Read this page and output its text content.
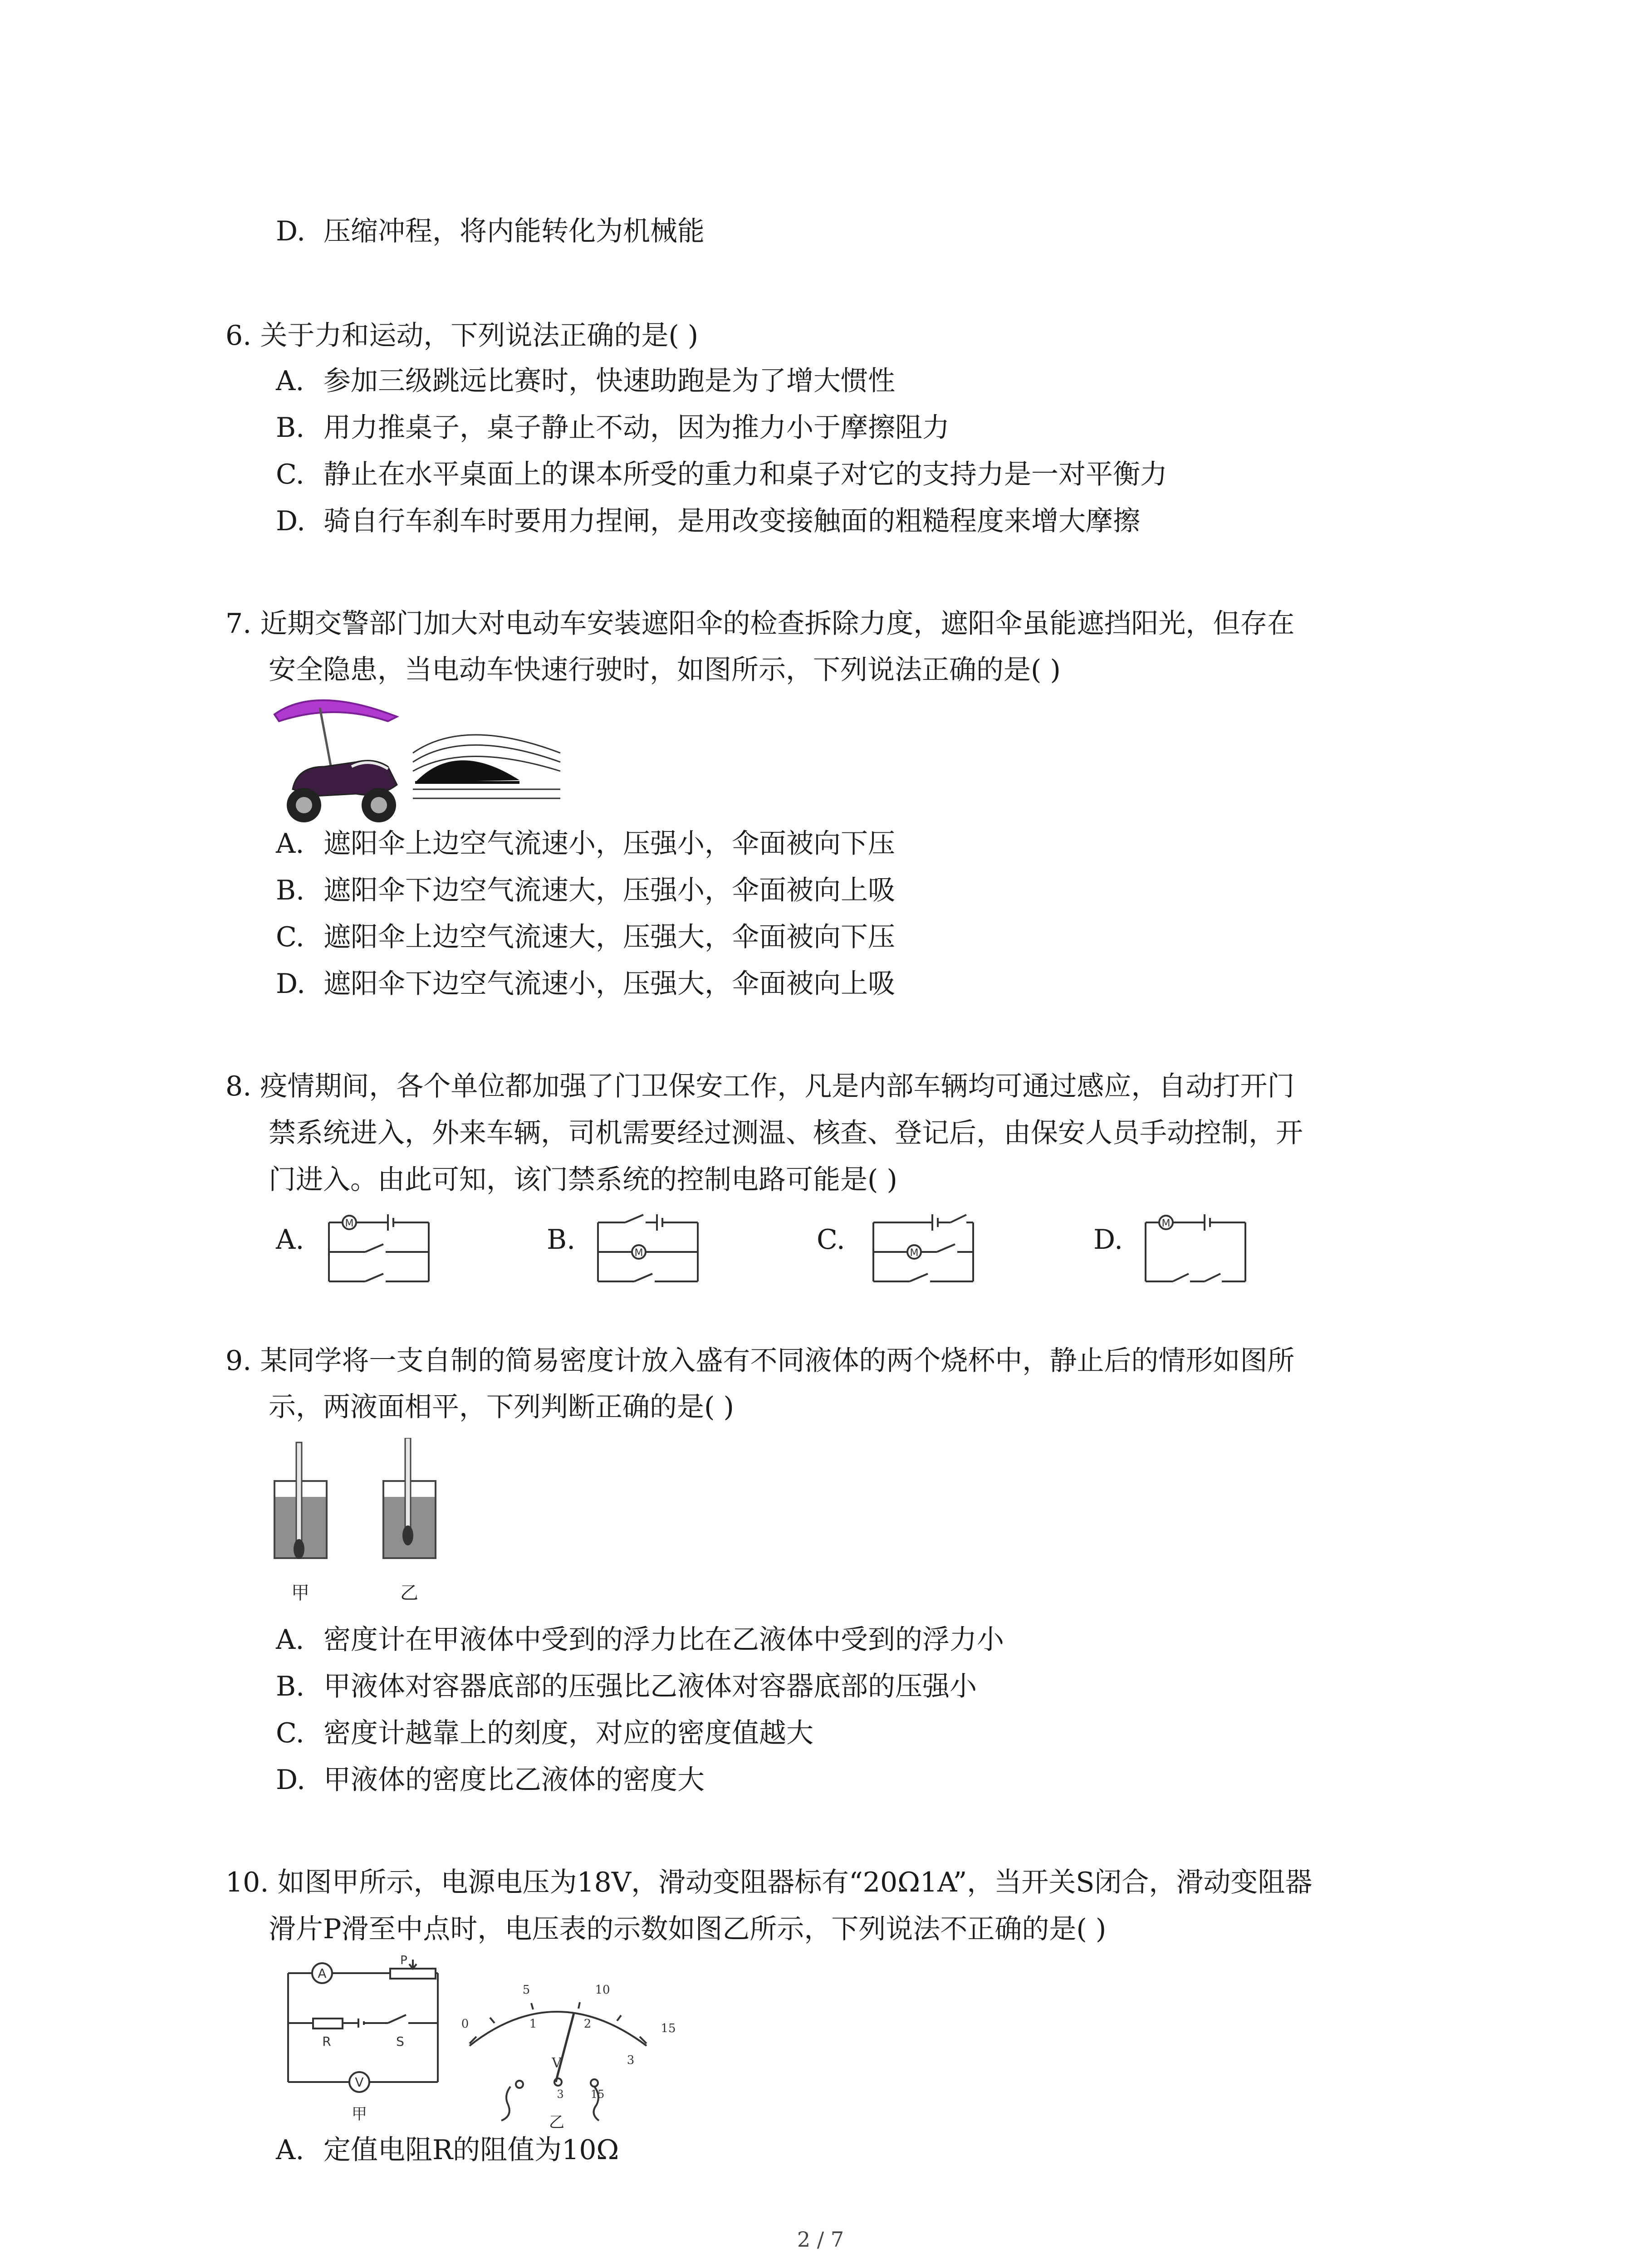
D. 压缩冲程，将内能转化为机械能
6. 关于力和运动，下列说法正确的是( )
A. 参加三级跳远比赛时，快速助跑是为了增大惯性
B. 用力推桌子，桌子静止不动，因为推力小于摩擦阻力
C. 静止在水平桌面上的课本所受的重力和桌子对它的支持力是一对平衡力
D. 骑自行车刹车时要用力捏闸，是用改变接触面的粗糙程度来增大摩擦
7. 近期交警部门加大对电动车安装遮阳伞的检查拆除力度，遮阳伞虽能遮挡阳光，但存在
安全隐患，当电动车快速行驶时，如图所示，下列说法正确的是( )
A. 遮阳伞上边空气流速小，压强小，伞面被向下压
B. 遮阳伞下边空气流速大，压强小，伞面被向上吸
C. 遮阳伞上边空气流速大，压强大，伞面被向下压
D. 遮阳伞下边空气流速小，压强大，伞面被向上吸
8. 疫情期间，各个单位都加强了门卫保安工作，凡是内部车辆均可通过感应，自动打开门
禁系统进入，外来车辆，司机需要经过测温、核查、登记后，由保安人员手动控制，开
门进入。由此可知，该门禁系统的控制电路可能是( )
A.
M
B.	M	C.	M	D.
M
9. 某同学将一支自制的简易密度计放入盛有不同液体的两个烧杯中，静止后的情形如图所
示，两液面相平，下列判断正确的是( )
甲	乙
A. 密度计在甲液体中受到的浮力比在乙液体中受到的浮力小
B. 甲液体对容器底部的压强比乙液体对容器底部的压强小
C. 密度计越靠上的刻度，对应的密度值越大
D. 甲液体的密度比乙液体的密度大
10. 如图甲所示，电源电压为18V，滑动变阻器标有“20Ω1A”，当开关S闭合，滑动变阻器
滑片P滑至中点时，电压表的示数如图乙所示，下列说法不正确的是( )
A
P
R	S
V
甲
5	10
15
0	1	2
3
V
3 15
乙
A. 定值电阻R的阻值为10Ω
2 / 7
